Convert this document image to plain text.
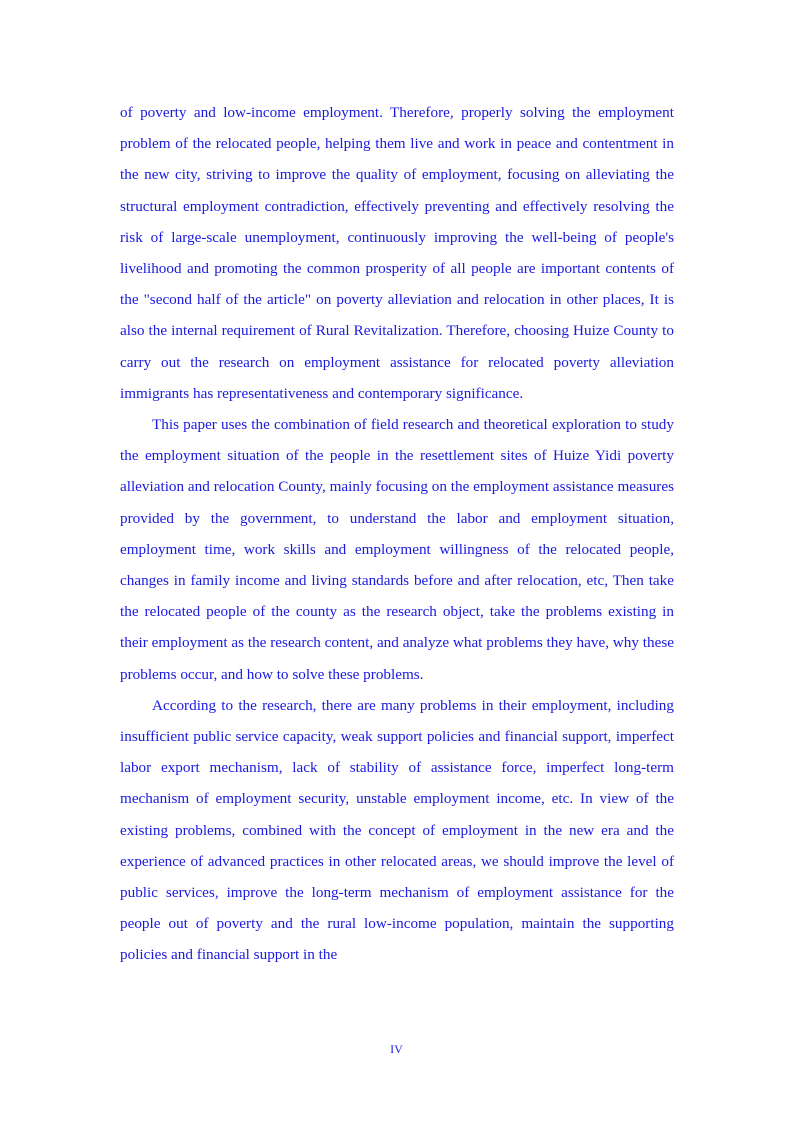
of poverty and low-income employment. Therefore, properly solving the employment problem of the relocated people, helping them live and work in peace and contentment in the new city, striving to improve the quality of employment, focusing on alleviating the structural employment contradiction, effectively preventing and effectively resolving the risk of large-scale unemployment, continuously improving the well-being of people's livelihood and promoting the common prosperity of all people are important contents of the "second half of the article" on poverty alleviation and relocation in other places, It is also the internal requirement of Rural Revitalization. Therefore, choosing Huize County to carry out the research on employment assistance for relocated poverty alleviation immigrants has representativeness and contemporary significance.

This paper uses the combination of field research and theoretical exploration to study the employment situation of the people in the resettlement sites of Huize Yidi poverty alleviation and relocation County, mainly focusing on the employment assistance measures provided by the government, to understand the labor and employment situation, employment time, work skills and employment willingness of the relocated people, changes in family income and living standards before and after relocation, etc, Then take the relocated people of the county as the research object, take the problems existing in their employment as the research content, and analyze what problems they have, why these problems occur, and how to solve these problems.

According to the research, there are many problems in their employment, including insufficient public service capacity, weak support policies and financial support, imperfect labor export mechanism, lack of stability of assistance force, imperfect long-term mechanism of employment security, unstable employment income, etc. In view of the existing problems, combined with the concept of employment in the new era and the experience of advanced practices in other relocated areas, we should improve the level of public services, improve the long-term mechanism of employment assistance for the people out of poverty and the rural low-income population, maintain the supporting policies and financial support in the

IV
